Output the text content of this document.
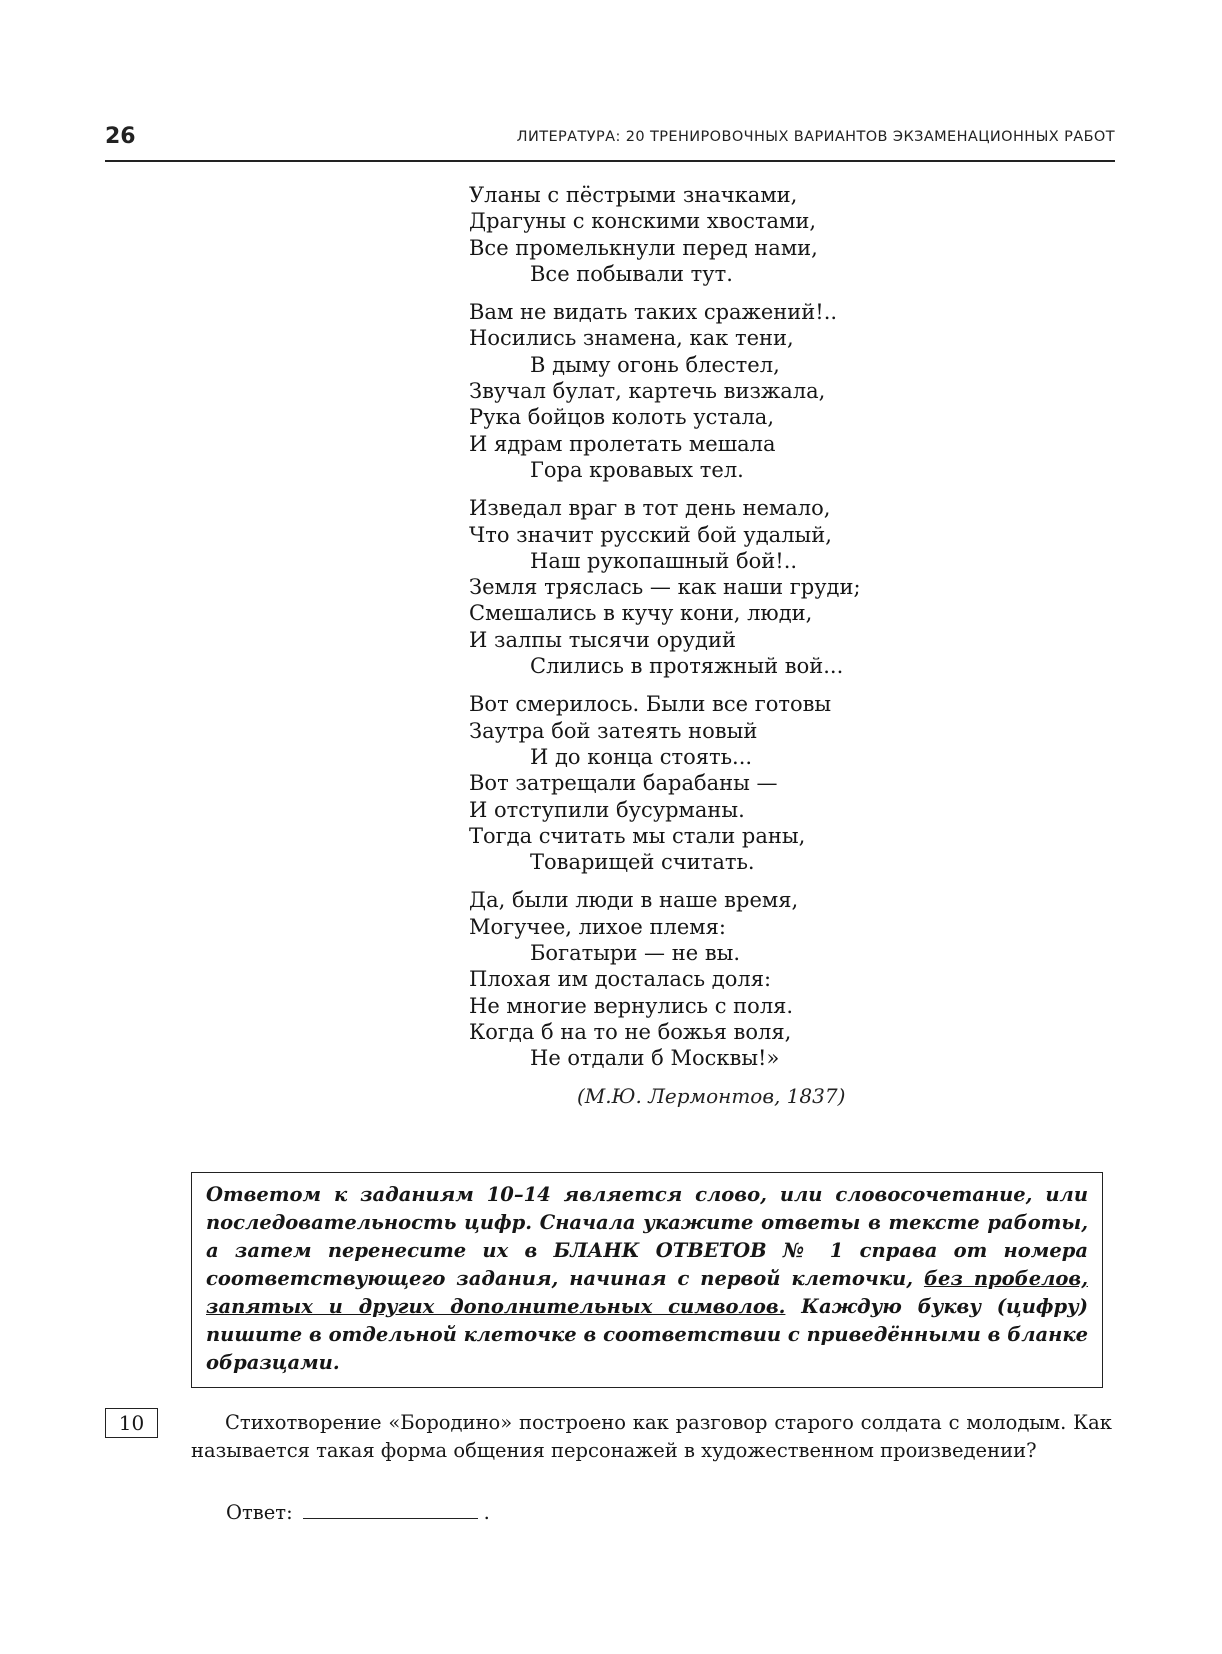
26	ЛИТЕРАТУРА: 20 ТРЕНИРОВОЧНЫХ ВАРИАНТОВ ЭКЗАМЕНАЦИОННЫХ РАБОТ
Уланы с пёстрыми значками,
Драгуны с конскими хвостами,
Все промелькнули перед нами,
Все побывали тут.
Вам не видать таких сражений!..
Носились знамена, как тени,
В дыму огонь блестел,
Звучал булат, картечь визжала,
Рука бойцов колоть устала,
И ядрам пролетать мешала
Гора кровавых тел.
Изведал враг в тот день немало,
Что значит русский бой удалый,
Наш рукопашный бой!..
Земля тряслась — как наши груди;
Смешались в кучу кони, люди,
И залпы тысячи орудий
Слились в протяжный вой...
Вот смерилось. Были все готовы
Заутра бой затеять новый
И до конца стоять...
Вот затрещали барабаны —
И отступили бусурманы.
Тогда считать мы стали раны,
Товарищей считать.
Да, были люди в наше время,
Могучее, лихое племя:
Богатыри — не вы.
Плохая им досталась доля:
Не многие вернулись с поля.
Когда б на то не божья воля,
Не отдали б Москвы!»
(М.Ю. Лермонтов, 1837)
Ответом к заданиям 10–14 является слово, или словосочетание, или последовательность цифр. Сначала укажите ответы в тексте работы, а затем перенесите их в БЛАНК ОТВЕТОВ № 1 справа от номера соответствующего задания, начиная с первой клеточки, без пробелов, запятых и других дополнительных символов. Каждую букву (цифру) пишите в отдельной клеточке в соответствии с приведёнными в бланке образцами.
10	Стихотворение «Бородино» построено как разговор старого солдата с молодым. Как называется такая форма общения персонажей в художественном произведении?
Ответ:	.
